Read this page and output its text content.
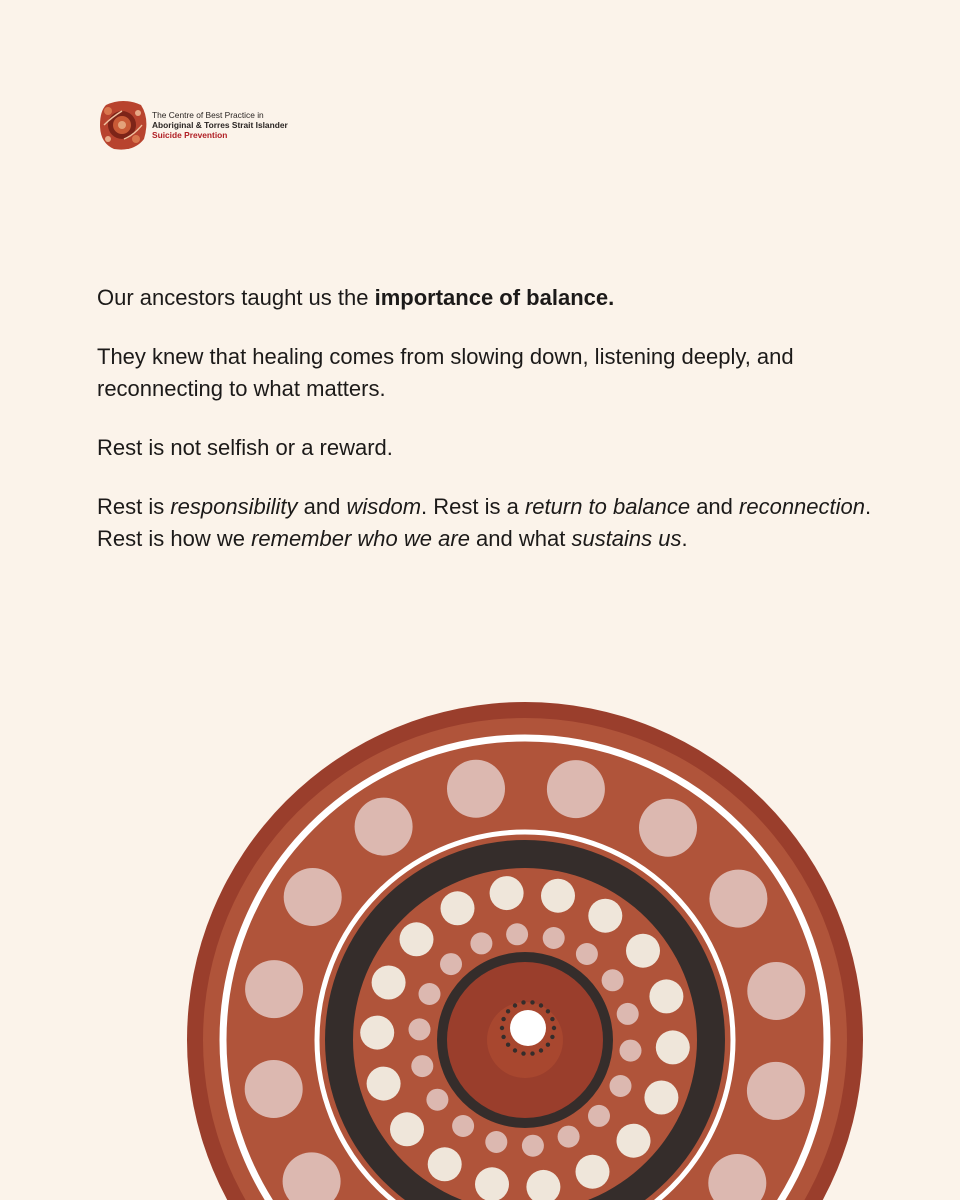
The Centre of Best Practice in
Aboriginal & Torres Strait Islander
Suicide Prevention

Our ancestors taught us the importance of balance.

They knew that healing comes from slowing down, listening deeply, and reconnecting to what matters.

Rest is not selfish or a reward.

Rest is responsibility and wisdom. Rest is a return to balance and reconnection. Rest is how we remember who we are and what sustains us.
